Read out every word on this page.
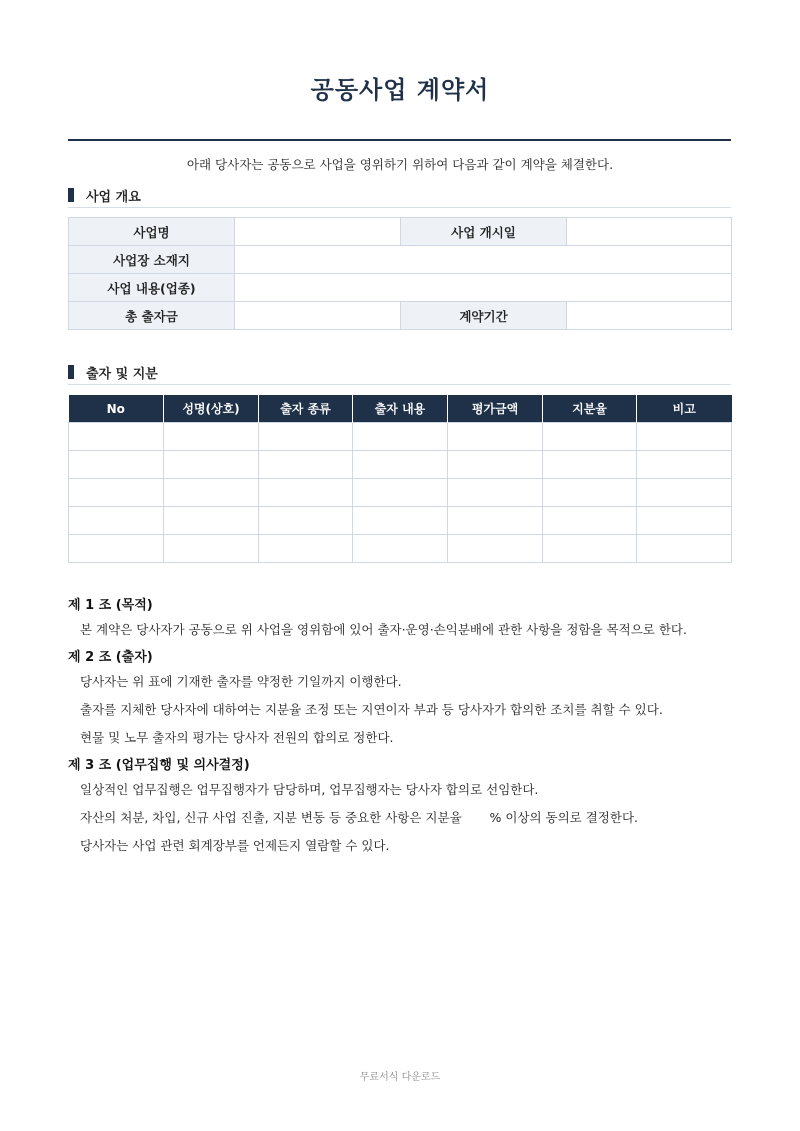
공동사업 계약서
아래 당사자는 공동으로 사업을 영위하기 위하여 다음과 같이 계약을 체결한다.
사업 개요
사업명		사업 개시일	
사업장 소재지			
사업 내용(업종)			
총 출자금		계약기간	
출자 및 지분
No	성명(상호)	출자 종류	출자 내용	평가금액	지분율	비고

제 1 조 (목적)

본 계약은 당사자가 공동으로 위 사업을 영위함에 있어 출자·운영·손익분배에 관한 사항을 정함을 목적으로 한다.

제 2 조 (출자)

당사자는 위 표에 기재한 출자를 약정한 기일까지 이행한다.

출자를 지체한 당사자에 대하여는 지분율 조정 또는 지연이자 부과 등 당사자가 합의한 조치를 취할 수 있다.

현물 및 노무 출자의 평가는 당사자 전원의 합의로 정한다.

제 3 조 (업무집행 및 의사결정)

일상적인 업무집행은 업무집행자가 담당하며, 업무집행자는 당사자 합의로 선임한다.

자산의 처분, 차입, 신규 사업 진출, 지분 변동 등 중요한 사항은 지분율       % 이상의 동의로 결정한다.

당사자는 사업 관련 회계장부를 언제든지 열람할 수 있다.

무료서식 다운로드
